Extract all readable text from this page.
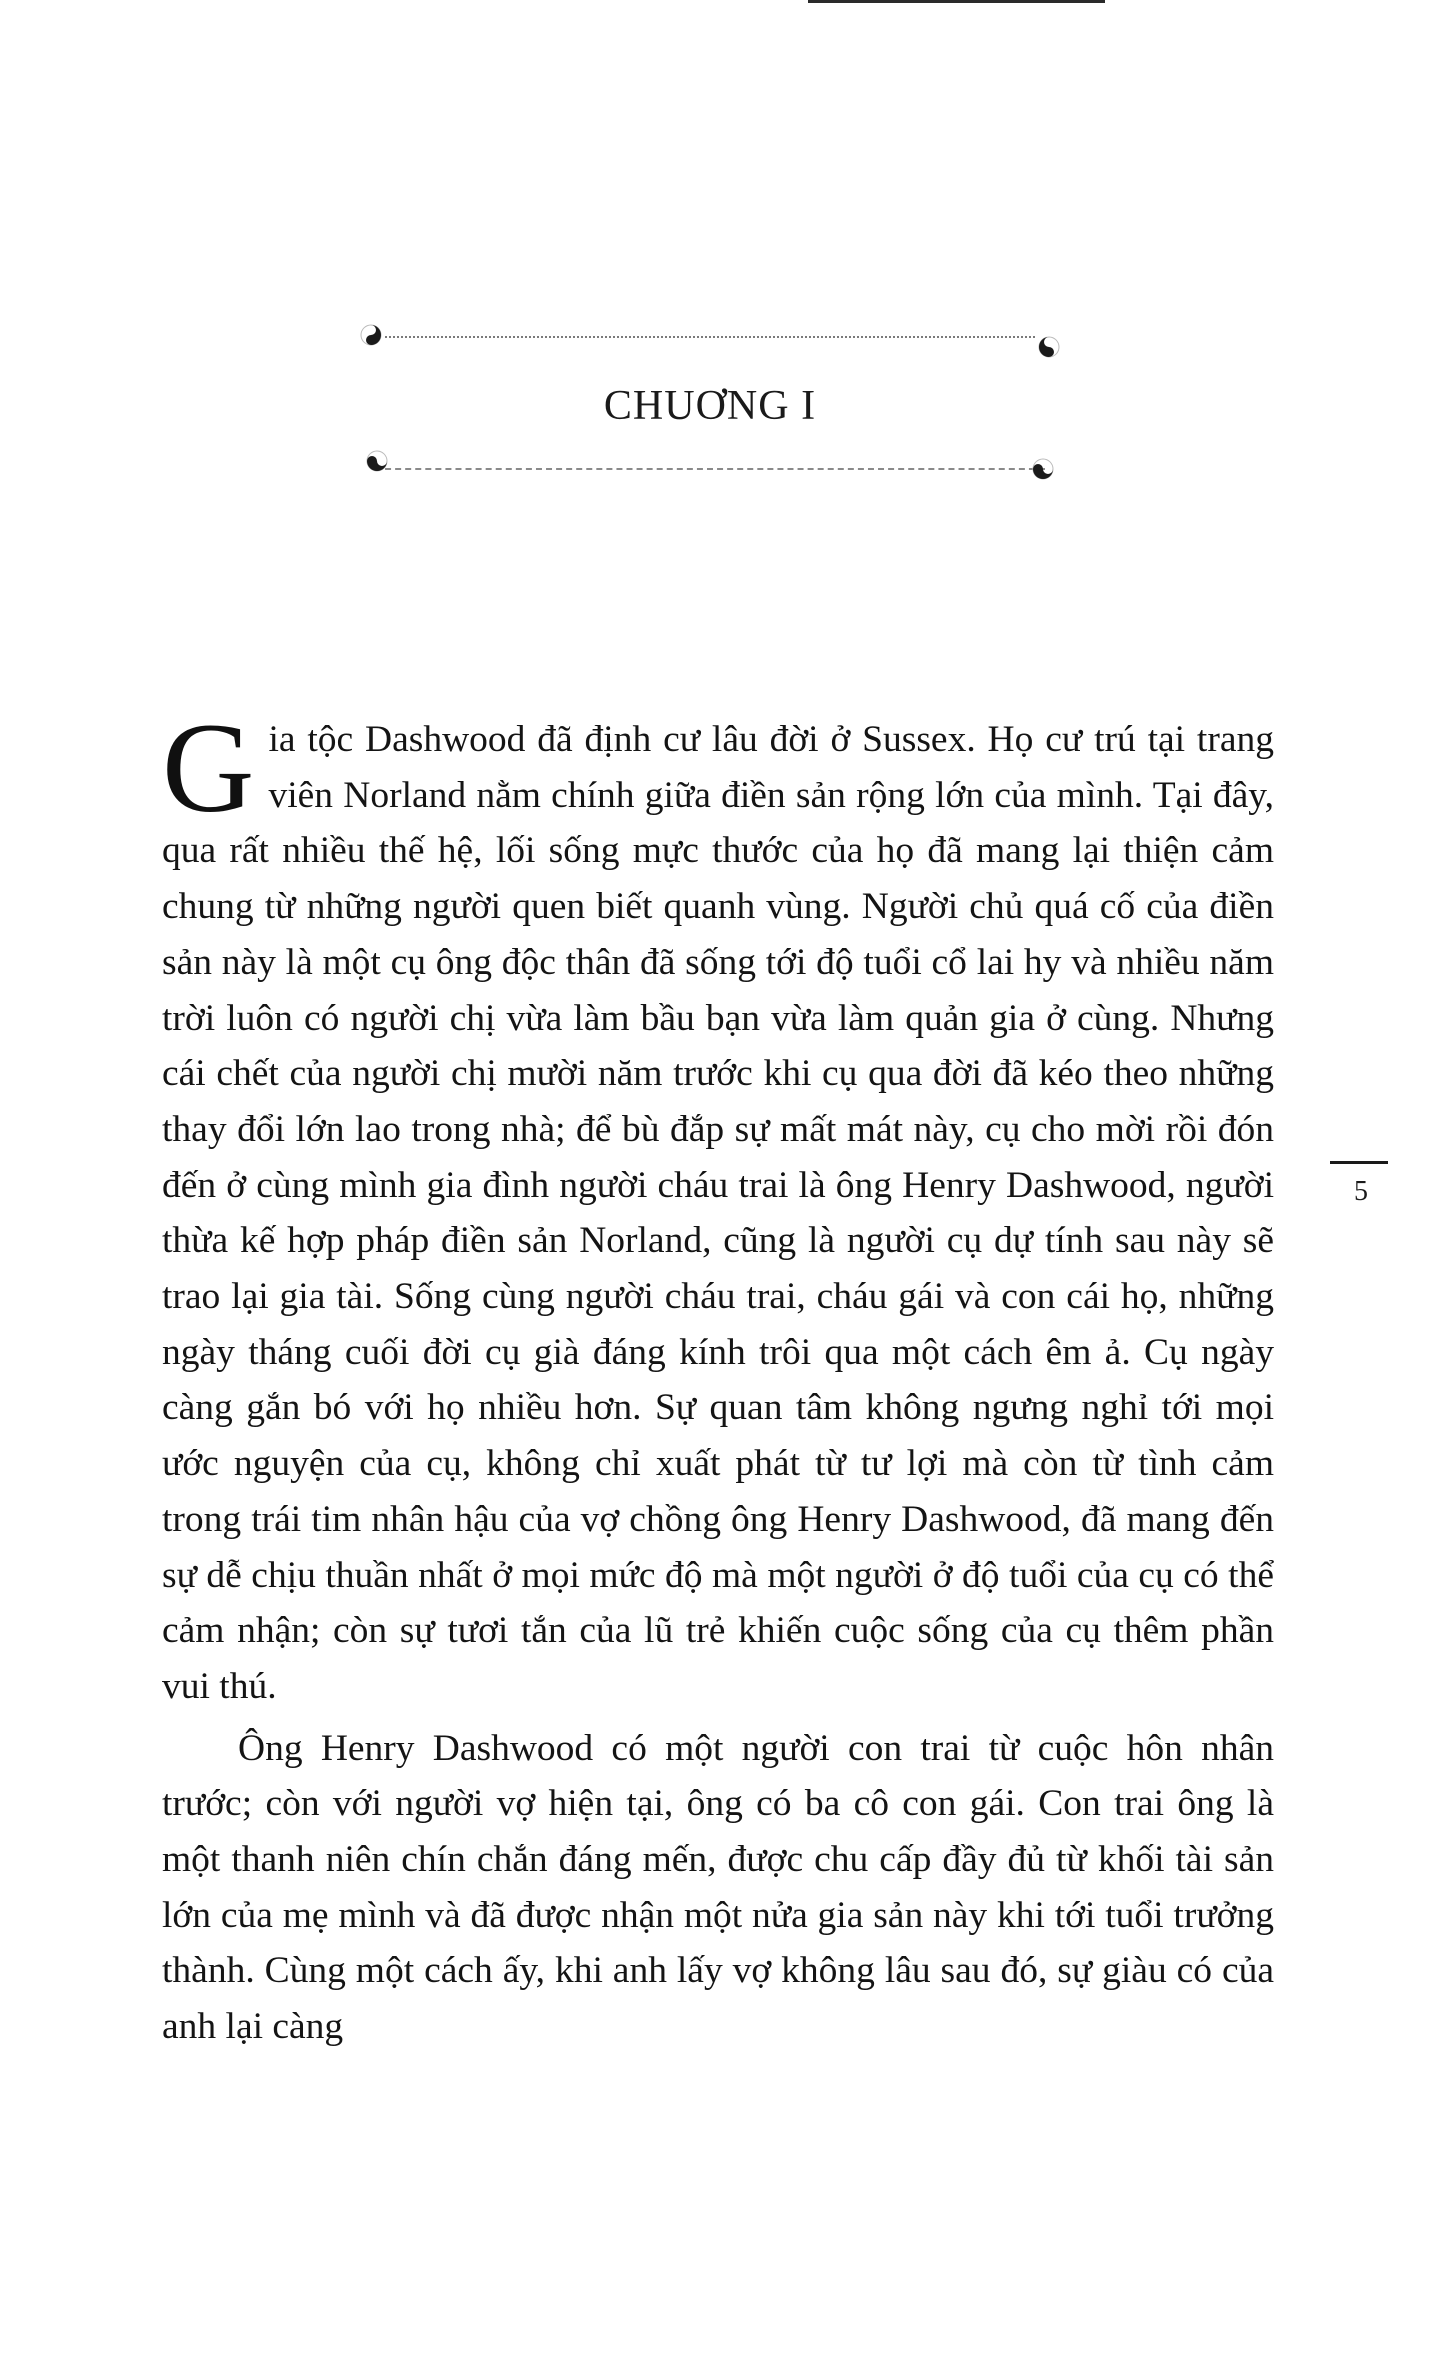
CHUƠNG I

Gia tộc Dashwood đã định cư lâu đời ở Sussex. Họ cư trú tại trang viên Norland nằm chính giữa điền sản rộng lớn của mình. Tại đây, qua rất nhiều thế hệ, lối sống mực thước của họ đã mang lại thiện cảm chung từ những người quen biết quanh vùng. Người chủ quá cố của điền sản này là một cụ ông độc thân đã sống tới độ tuổi cổ lai hy và nhiều năm trời luôn có người chị vừa làm bầu bạn vừa làm quản gia ở cùng. Nhưng cái chết của người chị mười năm trước khi cụ qua đời đã kéo theo những thay đổi lớn lao trong nhà; để bù đắp sự mất mát này, cụ cho mời rồi đón đến ở cùng mình gia đình người cháu trai là ông Henry Dashwood, người thừa kế hợp pháp điền sản Norland, cũng là người cụ dự tính sau này sẽ trao lại gia tài. Sống cùng người cháu trai, cháu gái và con cái họ, những ngày tháng cuối đời cụ già đáng kính trôi qua một cách êm ả. Cụ ngày càng gắn bó với họ nhiều hơn. Sự quan tâm không ngưng nghỉ tới mọi ước nguyện của cụ, không chỉ xuất phát từ tư lợi mà còn từ tình cảm trong trái tim nhân hậu của vợ chồng ông Henry Dashwood, đã mang đến sự dễ chịu thuần nhất ở mọi mức độ mà một người ở độ tuổi của cụ có thể cảm nhận; còn sự tươi tắn của lũ trẻ khiến cuộc sống của cụ thêm phần vui thú.

Ông Henry Dashwood có một người con trai từ cuộc hôn nhân trước; còn với người vợ hiện tại, ông có ba cô con gái. Con trai ông là một thanh niên chín chắn đáng mến, được chu cấp đầy đủ từ khối tài sản lớn của mẹ mình và đã được nhận một nửa gia sản này khi tới tuổi trưởng thành. Cùng một cách ấy, khi anh lấy vợ không lâu sau đó, sự giàu có của anh lại càng

5
